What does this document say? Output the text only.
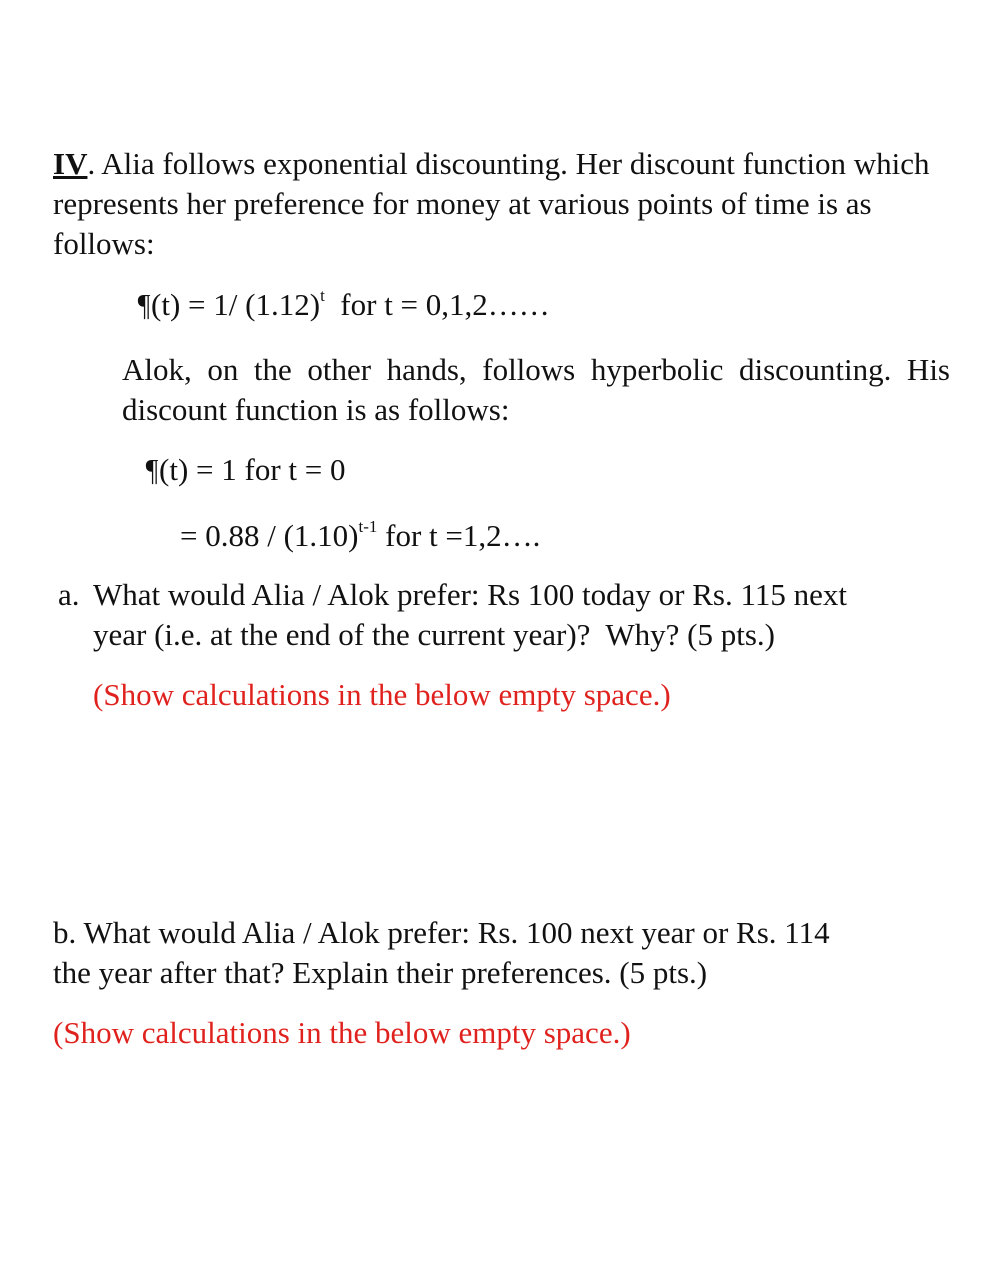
IV. Alia follows exponential discounting. Her discount function which represents her preference for money at various points of time is as follows:
¶(t) = 1/ $(1.12)^t$  for t = 0,1,2……
Alok, on the other hands, follows hyperbolic discounting. His discount function is as follows:
¶(t) = 1 for t = 0
= $0.88 / (1.10)^{t-1}$ for t =1,2….
a. What would Alia / Alok prefer: Rs 100 today or Rs. 115 next
year (i.e. at the end of the current year)?  Why? (5 pts.)
(Show calculations in the below empty space.)
b. What would Alia / Alok prefer: Rs. 100 next year or Rs. 114
the year after that? Explain their preferences. (5 pts.)
(Show calculations in the below empty space.)
